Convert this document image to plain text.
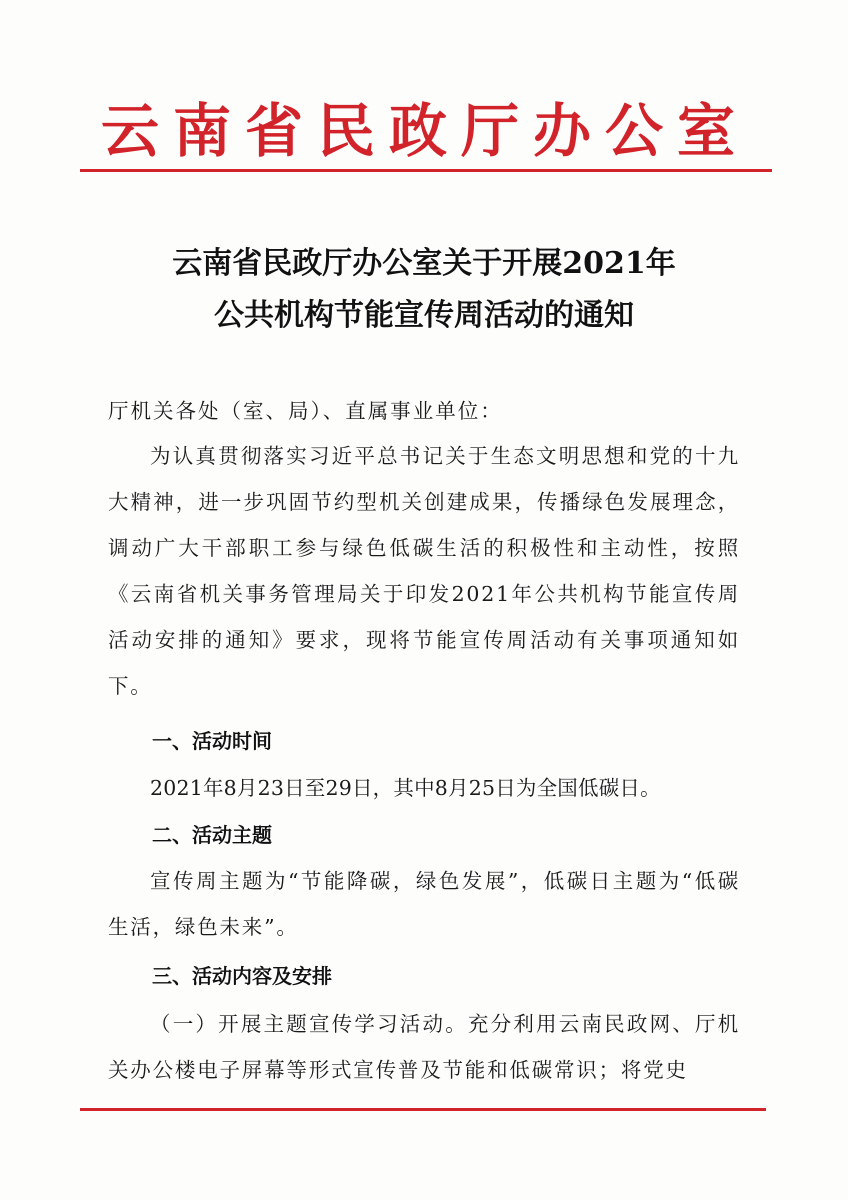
云南省民政厅办公室
云南省民政厅办公室关于开展2021年
公共机构节能宣传周活动的通知
厅机关各处（室、局）、直属事业单位：
为认真贯彻落实习近平总书记关于生态文明思想和党的十九大精神，进一步巩固节约型机关创建成果，传播绿色发展理念，调动广大干部职工参与绿色低碳生活的积极性和主动性，按照《云南省机关事务管理局关于印发2021年公共机构节能宣传周活动安排的通知》要求，现将节能宣传周活动有关事项通知如下。
一、活动时间
2021年8月23日至29日，其中8月25日为全国低碳日。
二、活动主题
宣传周主题为“节能降碳，绿色发展”，低碳日主题为“低碳生活，绿色未来”。
三、活动内容及安排
（一）开展主题宣传学习活动。充分利用云南民政网、厅机关办公楼电子屏幕等形式宣传普及节能和低碳常识；将党史
